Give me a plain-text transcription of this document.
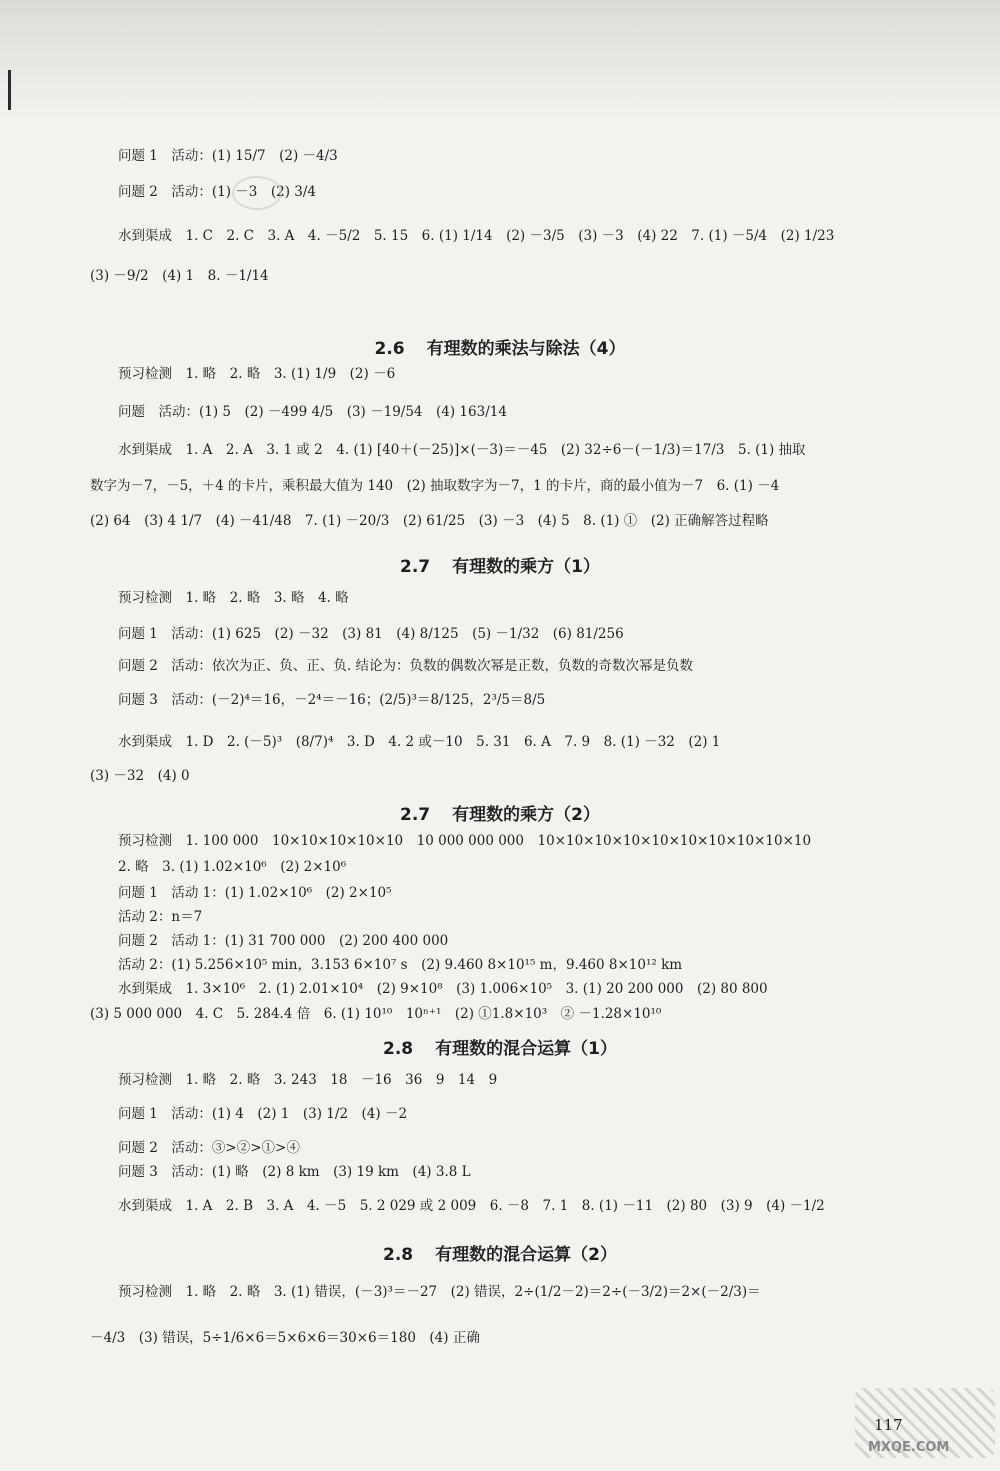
问题 1　活动：(1) 15/7　(2) －4/3
问题 2　活动：(1) －3　(2) 3/4
水到渠成　1. C　2. C　3. A　4. －5/2　5. 15　6. (1) 1/14　(2) －3/5　(3) －3　(4) 22　7. (1) －5/4　(2) 1/23
(3) －9/2　(4) 1　8. －1/14
2.6 有理数的乘法与除法（4）
预习检测　1. 略　2. 略　3. (1) 1/9　(2) －6
问题　活动：(1) 5　(2) －499 4/5　(3) －19/54　(4) 163/14
水到渠成　1. A　2. A　3. 1 或 2　4. (1) [40＋(－25)]×(－3)＝－45　(2) 32÷6－(－1/3)＝17/3　5. (1) 抽取
数字为－7，－5，＋4 的卡片，乘积最大值为 140　(2) 抽取数字为－7，1 的卡片，商的最小值为－7　6. (1) －4
(2) 64　(3) 4 1/7　(4) －41/48　7. (1) －20/3　(2) 61/25　(3) －3　(4) 5　8. (1) ①　(2) 正确解答过程略
2.7 有理数的乘方（1）
预习检测　1. 略　2. 略　3. 略　4. 略
问题 1　活动：(1) 625　(2) －32　(3) 81　(4) 8/125　(5) －1/32　(6) 81/256
问题 2　活动：依次为正、负、正、负. 结论为：负数的偶数次幂是正数，负数的奇数次幂是负数
问题 3　活动：(－2)⁴＝16，－2⁴＝－16；(2/5)³＝8/125，2³/5＝8/5
水到渠成　1. D　2. (－5)³　(8/7)⁴　3. D　4. 2 或－10　5. 31　6. A　7. 9　8. (1) －32　(2) 1
(3) －32　(4) 0
2.7 有理数的乘方（2）
预习检测　1. 100 000　10×10×10×10×10　10 000 000 000　10×10×10×10×10×10×10×10×10×10
2. 略　3. (1) 1.02×10⁶　(2) 2×10⁶
问题 1　活动 1：(1) 1.02×10⁶　(2) 2×10⁵
活动 2：n＝7
问题 2　活动 1：(1) 31 700 000　(2) 200 400 000
活动 2：(1) 5.256×10⁵ min，3.153 6×10⁷ s　(2) 9.460 8×10¹⁵ m，9.460 8×10¹² km
水到渠成　1. 3×10⁶　2. (1) 2.01×10⁴　(2) 9×10⁸　(3) 1.006×10⁵　3. (1) 20 200 000　(2) 80 800
(3) 5 000 000　4. C　5. 284.4 倍　6. (1) 10¹⁰　10ⁿ⁺¹　(2) ①1.8×10³　② －1.28×10¹⁰
2.8 有理数的混合运算（1）
预习检测　1. 略　2. 略　3. 243　18　－16　36　9　14　9
问题 1　活动：(1) 4　(2) 1　(3) 1/2　(4) －2
问题 2　活动：③>②>①>④
问题 3　活动：(1) 略　(2) 8 km　(3) 19 km　(4) 3.8 L
水到渠成　1. A　2. B　3. A　4. －5　5. 2 029 或 2 009　6. －8　7. 1　8. (1) －11　(2) 80　(3) 9　(4) －1/2
2.8 有理数的混合运算（2）
预习检测　1. 略　2. 略　3. (1) 错误，(－3)³＝－27　(2) 错误，2÷(1/2－2)＝2÷(－3/2)＝2×(－2/3)＝
－4/3　(3) 错误，5÷1/6×6＝5×6×6＝30×6＝180　(4) 正确
117
MXQE.COM
